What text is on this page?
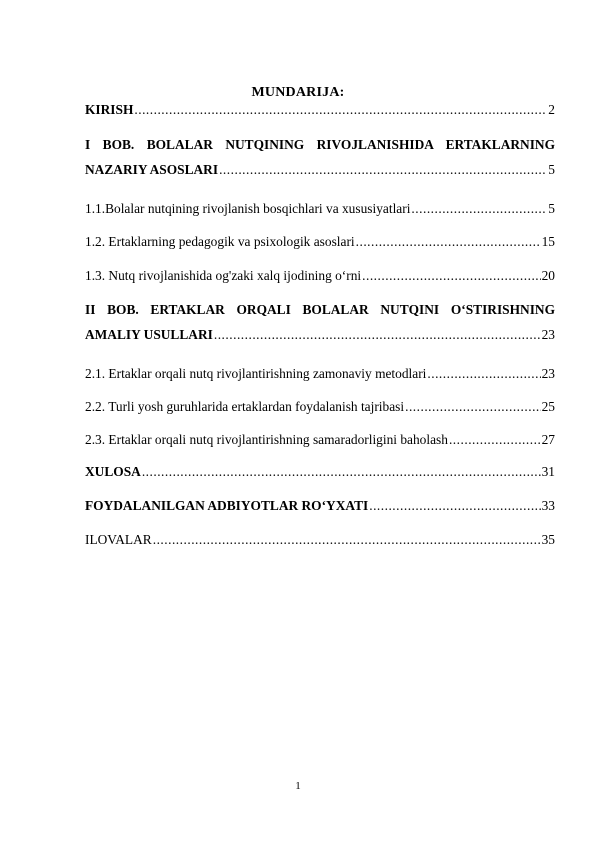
MUNDARIJA:
KIRISH .....	2
I BOB. BOLALAR NUTQINING RIVOJLANISHIDA ERTAKLARNING
NAZARIY ASOSLARI .....	5
1.1.Bolalar nutqining rivojlanish bosqichlari va xususiyatlari .....	5
1.2. Ertaklarning pedagogik va psixologik asoslari .....	15
1.3. Nutq rivojlanishida og'zaki xalq ijodining o‘rni .....	20
II BOB. ERTAKLAR ORQALI BOLALAR NUTQINI O‘STIRISHNING
AMALIY USULLARI .....	23
2.1. Ertaklar orqali nutq rivojlantirishning zamonaviy metodlari .....	23
2.2. Turli yosh guruhlarida ertaklardan foydalanish tajribasi .....	25
2.3. Ertaklar orqali nutq rivojlantirishning samaradorligini baholash .....	27
XULOSA .....	31
FOYDALANILGAN ADBIYOTLAR RO‘YXATI .....	33
ILOVALAR .....	35
1
